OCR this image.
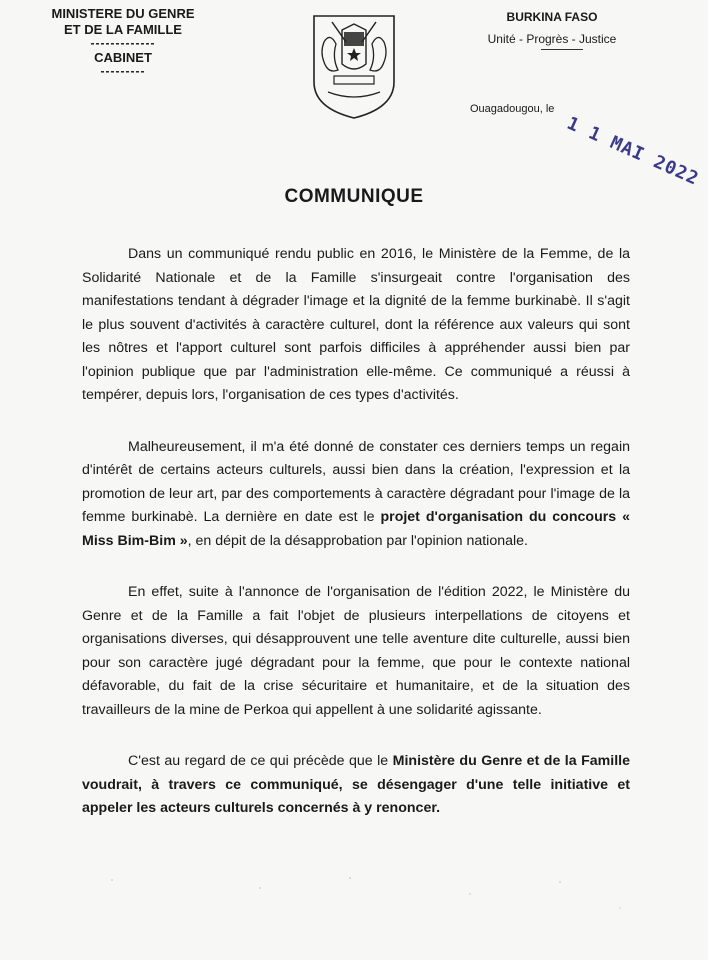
MINISTERE DU GENRE
ET DE LA FAMILLE
-------------
CABINET
---------
BURKINA FASO
Unité - Progrès - Justice
Ouagadougou, le
1 1 MAI 2022
COMMUNIQUE

Dans un communiqué rendu public en 2016, le Ministère de la Femme, de la Solidarité Nationale et de la Famille s'insurgeait contre l'organisation des manifestations tendant à dégrader l'image et la dignité de la femme burkinabè. Il s'agit le plus souvent d'activités à caractère culturel, dont la référence aux valeurs qui sont les nôtres et l'apport culturel sont parfois difficiles à appréhender aussi bien par l'opinion publique que par l'administration elle-même. Ce communiqué a réussi à tempérer, depuis lors, l'organisation de ces types d'activités.

Malheureusement, il m'a été donné de constater ces derniers temps un regain d'intérêt de certains acteurs culturels, aussi bien dans la création, l'expression et la promotion de leur art, par des comportements à caractère dégradant pour l'image de la femme burkinabè. La dernière en date est le projet d'organisation du concours « Miss Bim-Bim », en dépit de la désapprobation par l'opinion nationale.

En effet, suite à l'annonce de l'organisation de l'édition 2022, le Ministère du Genre et de la Famille a fait l'objet de plusieurs interpellations de citoyens et organisations diverses, qui désapprouvent une telle aventure dite culturelle, aussi bien pour son caractère jugé dégradant pour la femme, que pour le contexte national défavorable, du fait de la crise sécuritaire et humanitaire, et de la situation des travailleurs de la mine de Perkoa qui appellent à une solidarité agissante.

C'est au regard de ce qui précède que le Ministère du Genre et de la Famille voudrait, à travers ce communiqué, se désengager d'une telle initiative et appeler les acteurs culturels concernés à y renoncer.
